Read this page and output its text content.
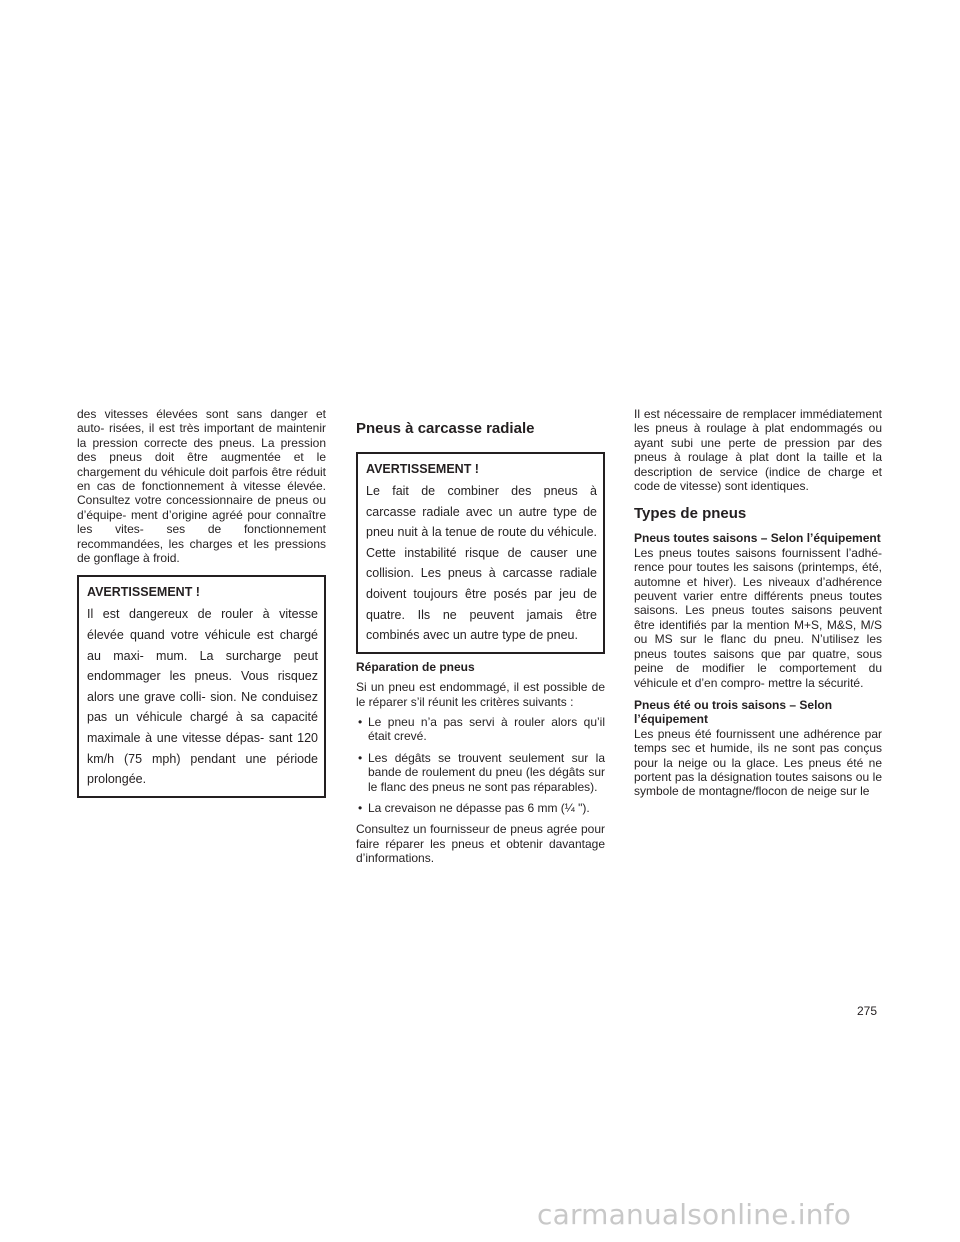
des vitesses élevées sont sans danger et auto- risées, il est très important de maintenir la pression correcte des pneus. La pression des pneus doit être augmentée et le chargement du véhicule doit parfois être réduit en cas de fonctionnement à vitesse élevée. Consultez votre concessionnaire de pneus ou d’équipe- ment d’origine agréé pour connaître les vites- ses de fonctionnement recommandées, les charges et les pressions de gonflage à froid.

AVERTISSEMENT !

Il est dangereux de rouler à vitesse élevée quand votre véhicule est chargé au maxi- mum. La surcharge peut endommager les pneus. Vous risquez alors une grave colli- sion. Ne conduisez pas un véhicule chargé à sa capacité maximale à une vitesse dépas- sant 120 km/h (75 mph) pendant une période prolongée.

Pneus à carcasse radiale

AVERTISSEMENT !

Le fait de combiner des pneus à carcasse radiale avec un autre type de pneu nuit à la tenue de route du véhicule. Cette instabilité risque de causer une collision. Les pneus à carcasse radiale doivent toujours être posés par jeu de quatre. Ils ne peuvent jamais être combinés avec un autre type de pneu.

Réparation de pneus

Si un pneu est endommagé, il est possible de le réparer s’il réunit les critères suivants :

• Le pneu n’a pas servi à rouler alors qu’il était crevé.
• Les dégâts se trouvent seulement sur la bande de roulement du pneu (les dégâts sur le flanc des pneus ne sont pas réparables).
• La crevaison ne dépasse pas 6 mm (¼ ").

Consultez un fournisseur de pneus agrée pour faire réparer les pneus et obtenir davantage d’informations.

Il est nécessaire de remplacer immédiatement les pneus à roulage à plat endommagés ou ayant subi une perte de pression par des pneus à roulage à plat dont la taille et la description de service (indice de charge et code de vitesse) sont identiques.

Types de pneus

Pneus toutes saisons – Selon l’équipement

Les pneus toutes saisons fournissent l’adhé- rence pour toutes les saisons (printemps, été, automne et hiver). Les niveaux d’adhérence peuvent varier entre différents pneus toutes saisons. Les pneus toutes saisons peuvent être identifiés par la mention M+S, M&S, M/S ou MS sur le flanc du pneu. N’utilisez les pneus toutes saisons que par quatre, sous peine de modifier le comportement du véhicule et d’en compro- mettre la sécurité.

Pneus été ou trois saisons – Selon l’équipement

Les pneus été fournissent une adhérence par temps sec et humide, ils ne sont pas conçus pour la neige ou la glace. Les pneus été ne portent pas la désignation toutes saisons ou le symbole de montagne/flocon de neige sur le

275
carmanualsonline.info
